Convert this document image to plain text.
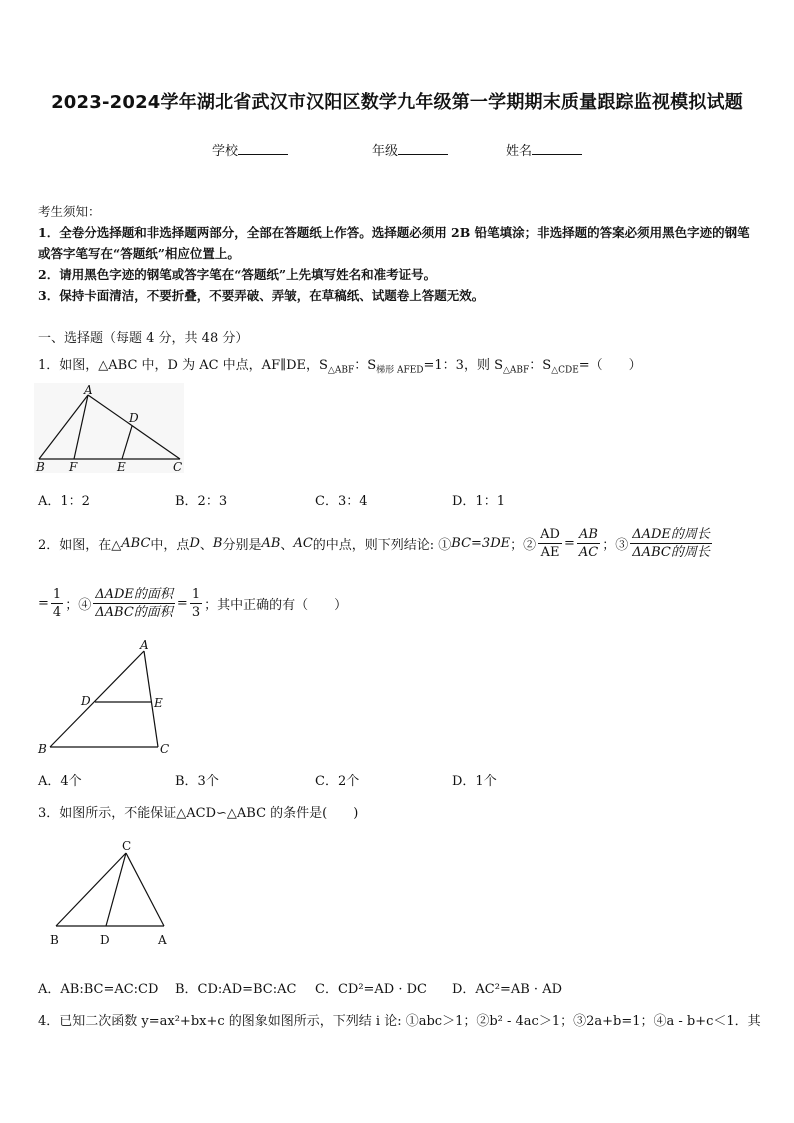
2023-2024学年湖北省武汉市汉阳区数学九年级第一学期期末质量跟踪监视模拟试题
学校	年级	姓名
考生须知：
1．全卷分选择题和非选择题两部分，全部在答题纸上作答。选择题必须用 2B 铅笔填涂；非选择题的答案必须用黑色字迹的钢笔或答字笔写在“答题纸”相应位置上。
2．请用黑色字迹的钢笔或答字笔在“答题纸”上先填写姓名和准考证号。
3．保持卡面清洁，不要折叠，不要弄破、弄皱，在草稿纸、试题卷上答题无效。
一、选择题（每题 4 分，共 48 分）
1．如图，△ABC 中，D 为 AC 中点，AF∥DE，$S_{\triangle ABF}$：$S_{梯形 AFED}=1$：3，则 $S_{\triangle ABF}$：$S_{\triangle CDE}=$（　　）
A
D
B F	E	C
A．1：2	B．2：3	C．3：4	D．1：1
2．如图，在△ ABC 中，点 D 、 B 分别是 AB 、 AC 的中点，则下列结论: ① BC=3DE ；② $\frac{AD}{AE} = \frac{AB}{AC}$ ；③ $\frac{\text{ΔADE的周长}}{\text{ΔABC的周长}}$
= $\frac{1}{4}$ ；④ $\frac{\text{ΔADE的面积}}{\text{ΔABC的面积}} = \frac{1}{3}$ ；其中正确的有（　　）
A
D	E
B	C
A．4个	B．3个	C．2个	D．1个
3．如图所示，不能保证△ACD∽△ABC 的条件是(　　)
C
B	D	A
A．AB:BC=AC:CD B．CD:AD=BC:AC C．CD²=AD · DC D．AC²=AB · AD
4．已知二次函数 y=ax²+bx+c 的图象如图所示，下列结 i 论: ①abc＞1；②b² - 4ac＞1；③2a+b=1；④a - b+c＜1．其
